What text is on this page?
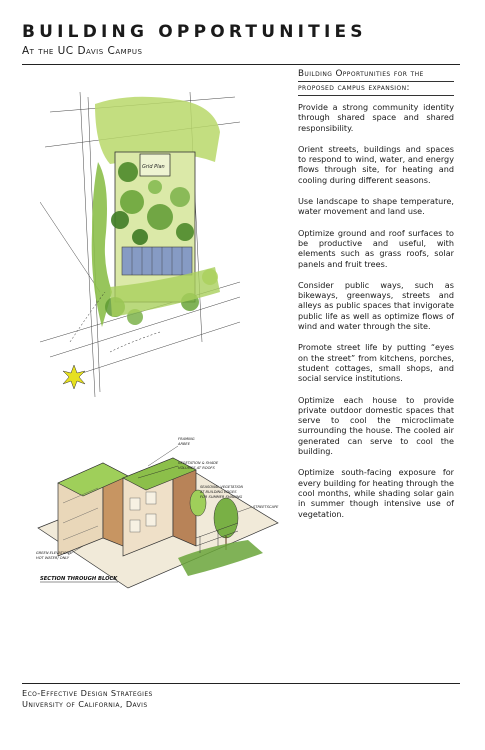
BUILDING OPPORTUNITIES
At the UC Davis Campus
Grid Plan
FRAMING
ARBEE
VEGETATION & SHADE
VOLUMES AT ROOFS
SEASONAL VEGETATION
AT BUILDING EDGES
FOR SUMMER SHADING
STREETSCAPE
GREEN ELEVATIONS
HOT WATER/ ONLY
SECTION THROUGH BLOCK
Building Opportunities for the
proposed campus expansion:

Provide a strong community identity through shared space and shared responsibility.

Orient streets, buildings and spaces to respond to wind, water, and energy flows through site, for heating and cooling during different seasons.

Use landscape to shape temperature, water movement and land use.

Optimize ground and roof surfaces to be productive and useful, with elements such as grass roofs, solar panels and fruit trees.

Consider public ways, such as bikeways, greenways, streets and alleys as public spaces that invigorate public life as well as optimize flows of wind and water through the site.

Promote street life by putting “eyes on the street” from kitchens, porches, student cottages, small shops, and social service institutions.

Optimize each house to provide private outdoor domestic spaces that serve to cool the microclimate surrounding the house. The cooled air generated can serve to cool the building.

Optimize south-facing exposure for every building for heating through the cool months, while shading solar gain in summer though intensive use of vegetation.

Eco-Effective Design Strategies
University of California, Davis
